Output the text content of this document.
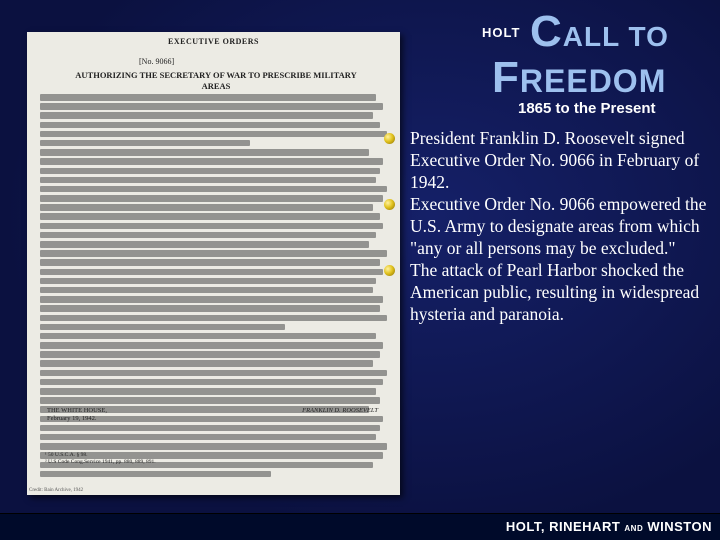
EXECUTIVE ORDERS
[No. 9066]
AUTHORIZING THE SECRETARY OF WAR TO PRESCRIBE MILITARY
AREAS
THE WHITE HOUSE,
February 19, 1942.
FRANKLIN D. ROOSEVELT
¹ 50 U.S.C.A. § 98.
² U.S Code Cong.Service 1941, pp. 880, 889, 891.
Credit: Bain Archive, 1942
HOLT CALL TO
FREEDOM
1865 to the Present
President Franklin D. Roosevelt signed Executive Order No. 9066 in February of 1942.
Executive Order No. 9066 empowered the U.S. Army to designate areas from which "any or all persons may be excluded."
The attack of Pearl Harbor shocked the American public, resulting in widespread hysteria and paranoia.
HOLT, RINEHART AND WINSTON
